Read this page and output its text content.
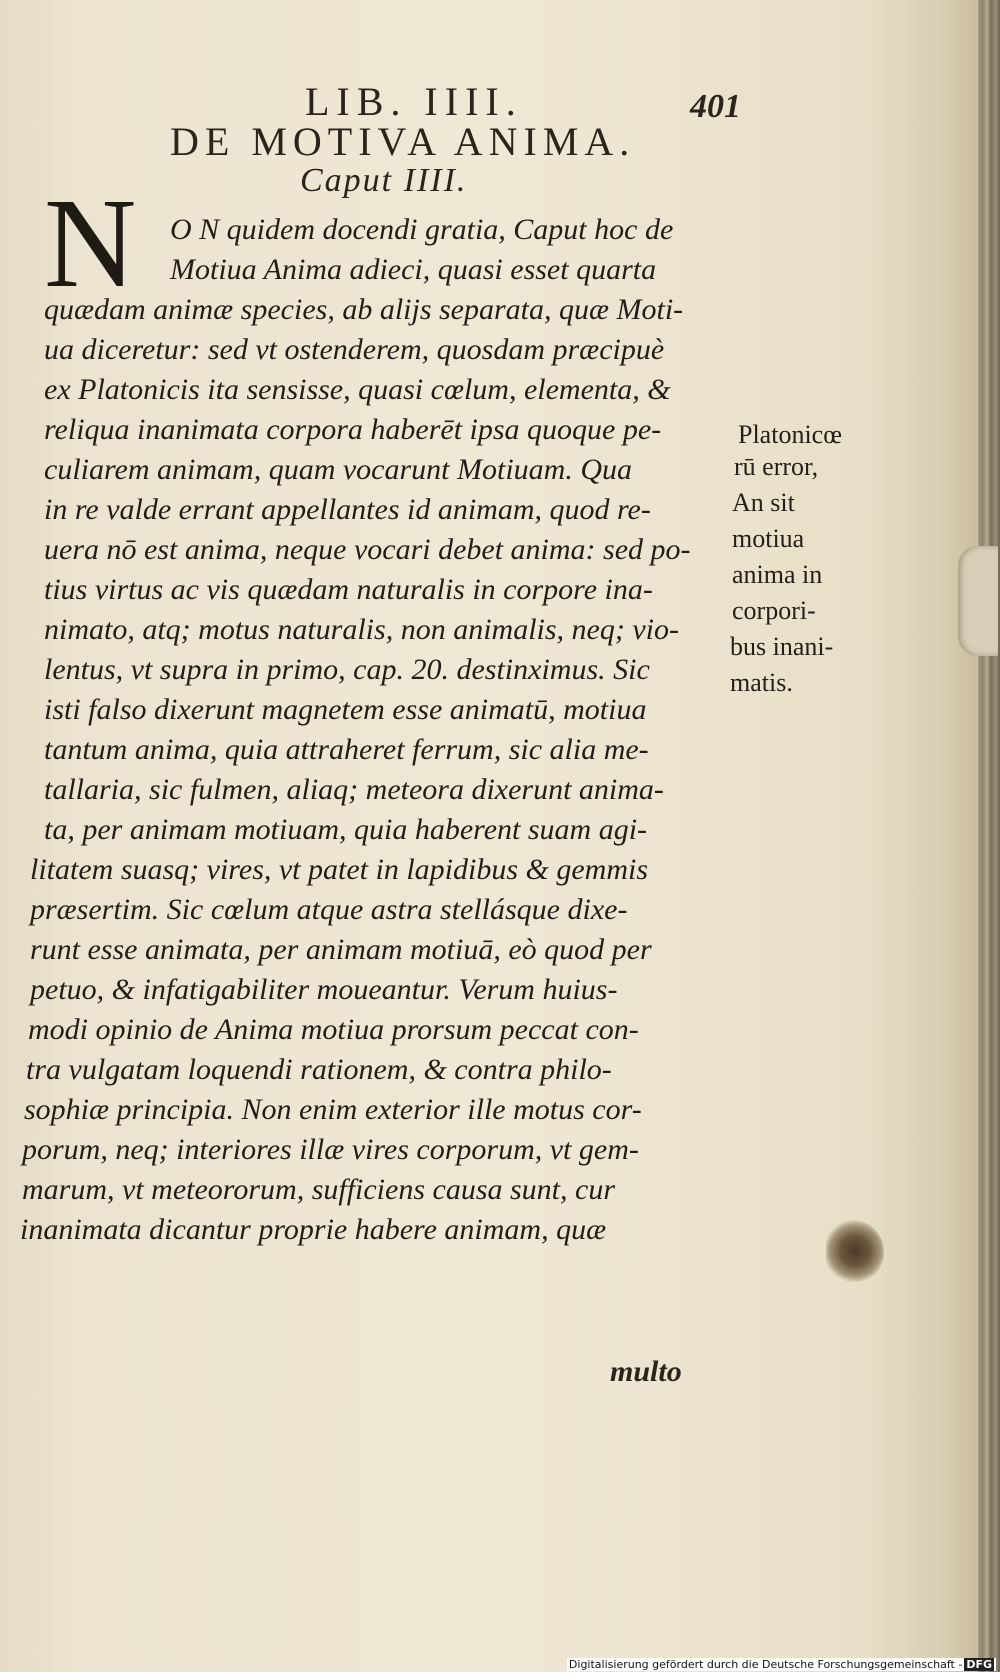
LIB. IIII.	401

DE MOTIVA ANIMA.

Caput IIII.

N O N quidem docendi gratia, Caput hoc de

Motiua Anima adieci, quasi esset quarta

quædam animæ species, ab alijs separata, quæ Moti-

ua diceretur: sed vt ostenderem, quosdam præcipuè

ex Platonicis ita sensisse, quasi cœlum, elementa, &

reliqua inanimata corpora haberēt ipsa quoque pe-

culiarem animam, quam vocarunt Motiuam. Qua

in re valde errant appellantes id animam, quod re-

uera nō est anima, neque vocari debet anima: sed po-

tius virtus ac vis quædam naturalis in corpore ina-

nimato, atq; motus naturalis, non animalis, neq; vio-

lentus, vt supra in primo, cap. 20. destinximus. Sic

isti falso dixerunt magnetem esse animatū, motiua

tantum anima, quia attraheret ferrum, sic alia me-

tallaria, sic fulmen, aliaq; meteora dixerunt anima-

ta, per animam motiuam, quia haberent suam agi-

litatem suasq; vires, vt patet in lapidibus & gemmis

præsertim. Sic cœlum atque astra stellásque dixe-

runt esse animata, per animam motiuā, eò quod per

petuo, & infatigabiliter moueantur. Verum huius-

modi opinio de Anima motiua prorsum peccat con-

tra vulgatam loquendi rationem, & contra philo-

sophiæ principia. Non enim exterior ille motus cor-

porum, neq; interiores illæ vires corporum, vt gem-

marum, vt meteororum, sufficiens causa sunt, cur

inanimata dicantur proprie habere animam, quæ

Platonicœ

rū error,

An sit

motiua

anima in

corpori-

bus inani-

matis.

multo

Digitalisierung gefördert durch die Deutsche Forschungsgemeinschaft - DFG
